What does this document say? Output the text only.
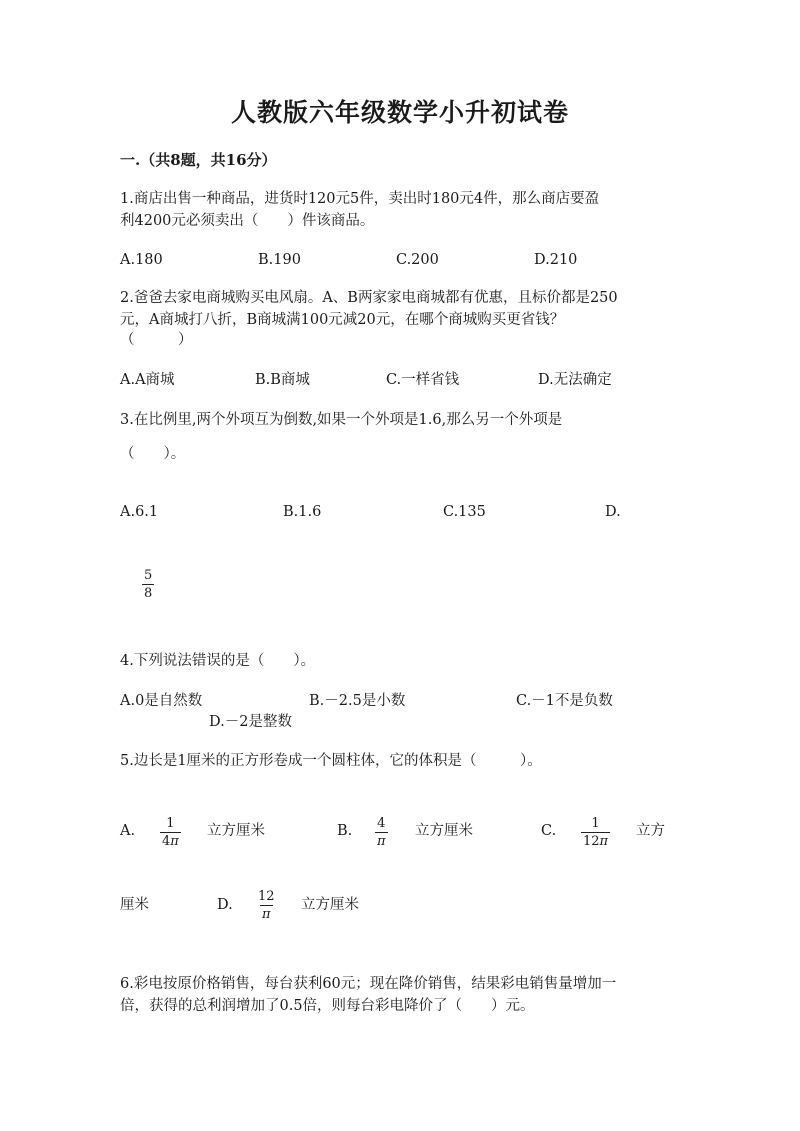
人教版六年级数学小升初试卷
一.（共8题，共16分）
1.商店出售一种商品，进货时120元5件，卖出时180元4件，那么商店要盈
利4200元必须卖出（　　）件该商品。
A.180	B.190	C.200	D.210
2.爸爸去家电商城购买电风扇。A、B两家家电商城都有优惠，且标价都是250
元，A商城打八折，B商城满100元减20元，在哪个商城购买更省钱？
（　　　）
A.A商城	B.B商城	C.一样省钱	D.无法确定
3.在比例里,两个外项互为倒数,如果一个外项是1.6,那么另一个外项是
（　　）。
A.6.1	B.1.6	C.135	D.
$\frac{5}{8}$
4.下列说法错误的是（　　）。
A.0是自然数	B.－2.5是小数	C.－1不是负数
D.－2是整数
5.边长是1厘米的正方形卷成一个圆柱体，它的体积是（　　　）。
A. $\frac{1}{4\pi}$ 立方厘米	B. $\frac{4}{\pi}$ 立方厘米	C. $\frac{1}{12\pi}$ 立方
厘米	D. $\frac{12}{\pi}$ 立方厘米
6.彩电按原价格销售，每台获利60元；现在降价销售，结果彩电销售量增加一
倍，获得的总利润增加了0.5倍，则每台彩电降价了（　　）元。
